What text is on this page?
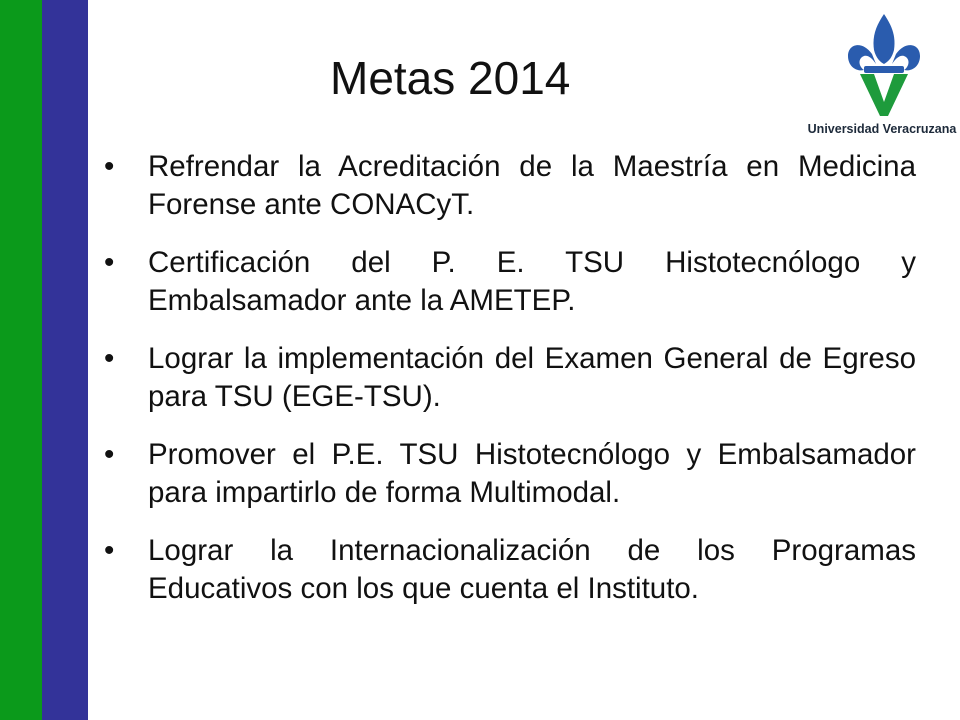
Metas 2014
Universidad Veracruzana
•	Refrendar la Acreditación de la Maestría en Medicina Forense ante CONACyT.
•	Certificación del P. E. TSU Histotecnólogo y Embalsamador ante la AMETEP.
•	Lograr la implementación del Examen General de Egreso para TSU (EGE-TSU).
•	Promover el P.E. TSU Histotecnólogo y Embalsamador para impartirlo de forma Multimodal.
•	Lograr la Internacionalización de los Programas Educativos con los que cuenta el Instituto.
